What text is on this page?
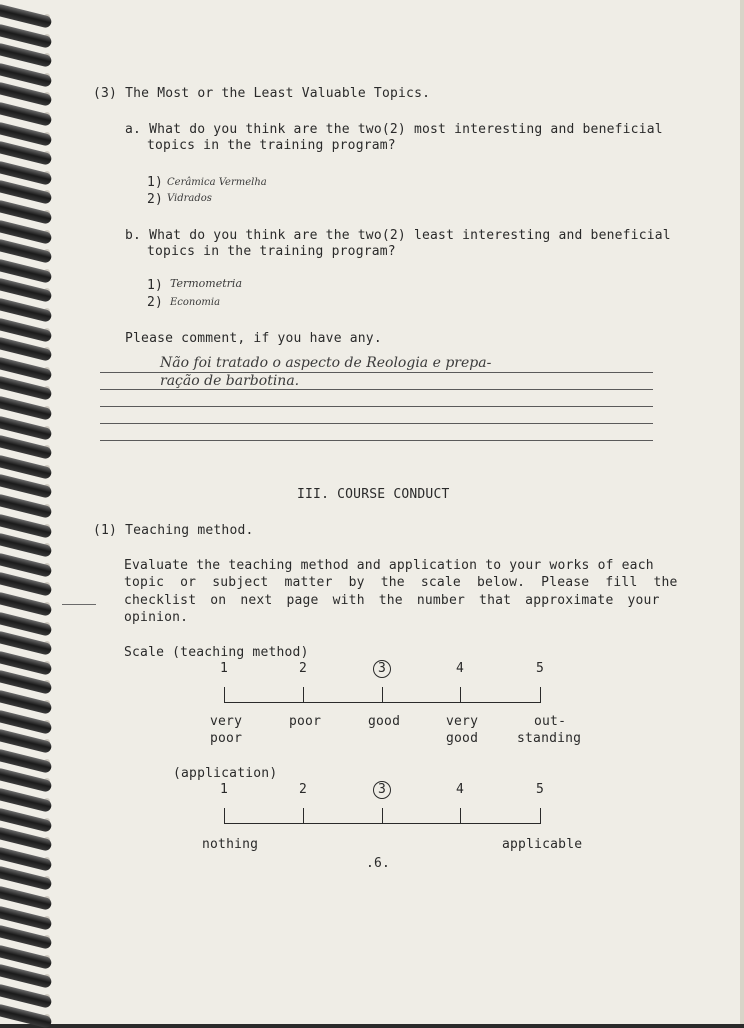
(3) The Most or the Least Valuable Topics.
a. What do you think are the two(2) most interesting and beneficial
topics in the training program?
1) Cerâmica Vermelha
2) Vidrados
b. What do you think are the two(2) least interesting and beneficial
topics in the training program?
1) Termometria
2) Economia
Please comment, if you have any.
Não foi tratado o aspecto de Reologia e prepa-
ração de barbotina.
III. COURSE CONDUCT
(1) Teaching method.
Evaluate the teaching method and application to your works of each
topic or subject matter by the scale below. Please fill the
checklist on next page with the number that approximate your
opinion.
Scale (teaching method)
(application)
nothing	applicable
.6.
1	2	3	4	5
very	poor	good	very	out-
poor	good	standing
1	2	3	4	5
